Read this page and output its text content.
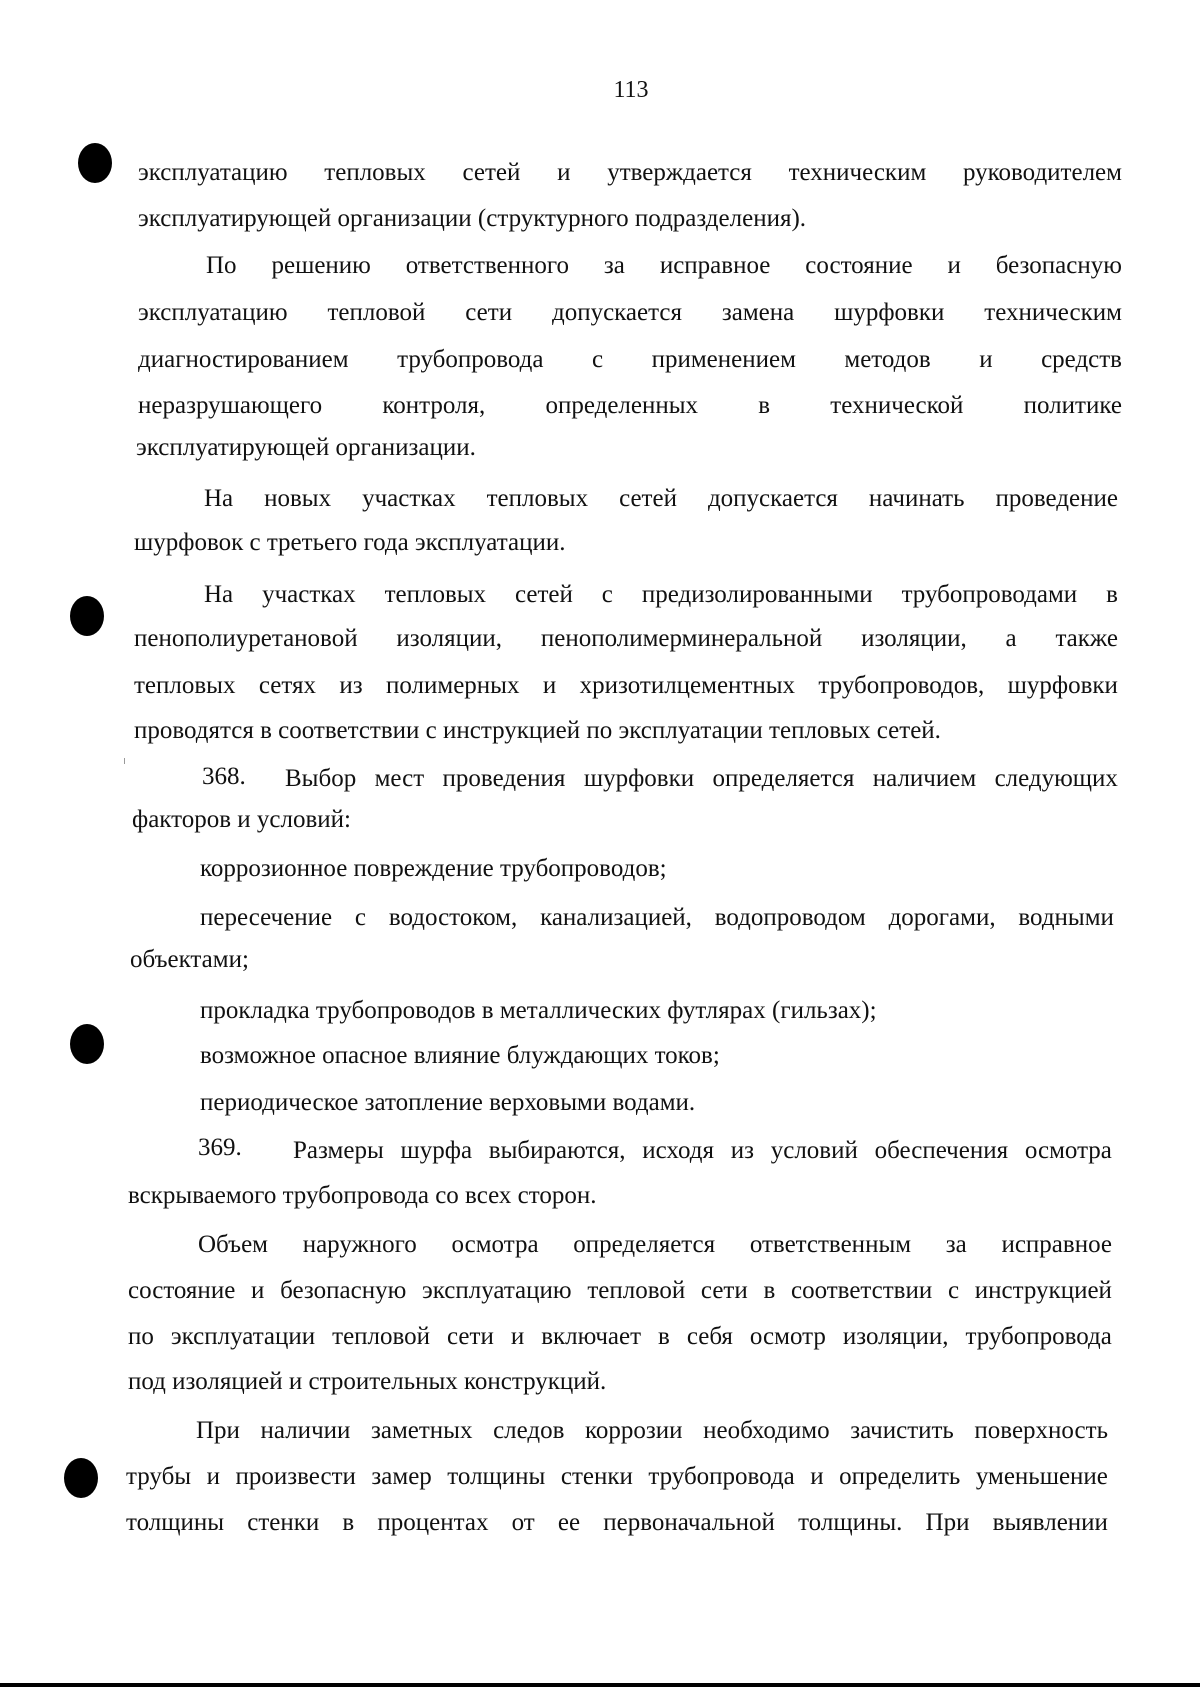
113
эксплуатацию тепловых сетей и утверждается техническим руководителем
эксплуатирующей организации (структурного подразделения).
По решению ответственного за исправное состояние и безопасную
эксплуатацию тепловой сети допускается замена шурфовки техническим
диагностированием трубопровода с применением методов и средств
неразрушающего контроля, определенных в технической политике
эксплуатирующей организации.
На новых участках тепловых сетей допускается начинать проведение
шурфовок с третьего года эксплуатации.
На участках тепловых сетей с предизолированными трубопроводами в
пенополиуретановой изоляции, пенополимерминеральной изоляции, а также
тепловых сетях из полимерных и хризотилцементных трубопроводов, шурфовки
проводятся в соответствии с инструкцией по эксплуатации тепловых сетей.
368. Выбор мест проведения шурфовки определяется наличием следующих
факторов и условий:
коррозионное повреждение трубопроводов;
пересечение с водостоком, канализацией, водопроводом дорогами, водными
объектами;
прокладка трубопроводов в металлических футлярах (гильзах);
возможное опасное влияние блуждающих токов;
периодическое затопление верховыми водами.
369. Размеры шурфа выбираются, исходя из условий обеспечения осмотра
вскрываемого трубопровода со всех сторон.
Объем наружного осмотра определяется ответственным за исправное
состояние и безопасную эксплуатацию тепловой сети в соответствии с инструкцией
по эксплуатации тепловой сети и включает в себя осмотр изоляции, трубопровода
под изоляцией и строительных конструкций.
При наличии заметных следов коррозии необходимо зачистить поверхность
трубы и произвести замер толщины стенки трубопровода и определить уменьшение
толщины стенки в процентах от ее первоначальной толщины. При выявлении
